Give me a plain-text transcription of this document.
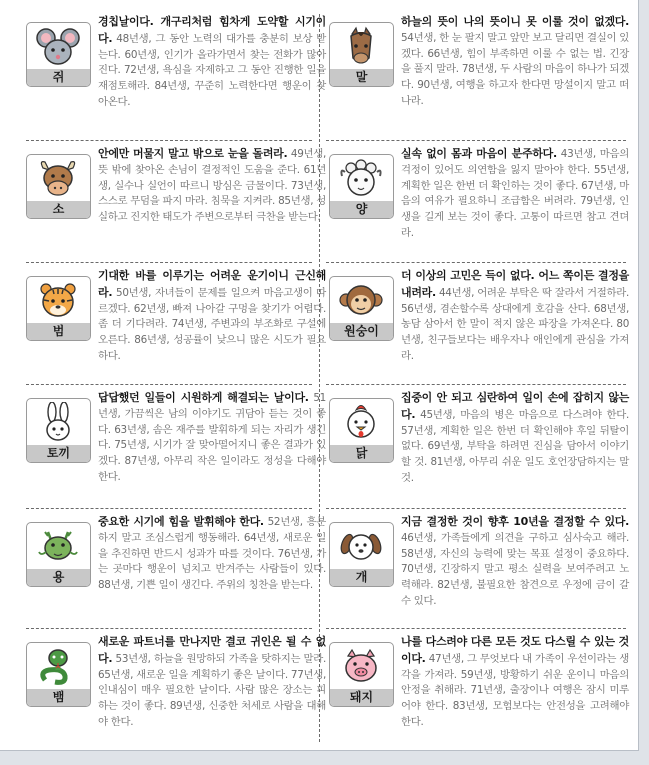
쥐
경칩날이다. 개구리처럼 힘차게 도약할 시기이다. 48년생, 그 동안 노력의 대가를 충분히 보상 받는다. 60년생, 인기가 올라가면서 찾는 전화가 많아진다. 72년생, 욕심을 자제하고 그 동안 진행한 일을 재점토해라. 84년생, 꾸준히 노력한다면 행운이 찾아온다.
말
하늘의 뜻이 나의 뜻이니 못 이룰 것이 없겠다. 54년생, 한 눈 팔지 말고 앞만 보고 달리면 결실이 있겠다. 66년생, 힘이 부족하면 이룰 수 없는 법. 긴장을 풀지 말라. 78년생, 두 사람의 마음이 하나가 되겠다. 90년생, 여행을 하고자 한다면 망설이지 말고 떠나라.
소
안에만 머물지 말고 밖으로 눈을 돌려라. 49년생, 뜻 밖에 찾아온 손님이 결정적인 도움을 준다. 61년생, 실수나 실언이 따르니 방심은 금물이다. 73년생, 스스로 무덤을 파지 마라. 침묵을 지켜라. 85년생, 성실하고 진지한 태도가 주변으로부터 극찬을 받는다.
양
실속 없이 몸과 마음이 분주하다. 43년생, 마음의 걱정이 있어도 의연함을 잃지 말아야 한다. 55년생, 계획한 일은 한번 더 확인하는 것이 좋다. 67년생, 마음의 여유가 필요하니 조급함은 버려라. 79년생, 인생을 길게 보는 것이 좋다. 고통이 따르면 참고 견뎌라.
범
기대한 바를 이루기는 어려운 운기이니 근신해라. 50년생, 자녀들이 문제를 일으켜 마음고생이 따르겠다. 62년생, 빠져 나아갈 구멍을 찾기가 어렵다. 좀 더 기다려라. 74년생, 주변과의 부조화로 구설에 오른다. 86년생, 성공률이 낮으니 많은 시도가 필요하다.
원숭이
더 이상의 고민은 득이 없다. 어느 쪽이든 결정을 내려라. 44년생, 어려운 부탁은 딱 잘라서 거절하라. 56년생, 겸손할수록 상대에게 호감을 산다. 68년생, 농담 삼아서 한 말이 적지 않은 파장을 가져온다. 80년생, 친구들보다는 배우자나 애인에게 관심을 가져라.
토끼
답답했던 일들이 시원하게 해결되는 날이다. 51년생, 가끔씩은 남의 이야기도 귀담아 듣는 것이 좋다. 63년생, 솜은 재주를 발휘하게 되는 자리가 생긴다. 75년생, 시기가 잘 맞아떨어지니 좋은 결과가 있겠다. 87년생, 아무리 작은 일이라도 정성을 다해야 한다.
닭
집중이 안 되고 심란하여 일이 손에 잡히지 않는다. 45년생, 마음의 병은 마음으로 다스려야 한다. 57년생, 계획한 일은 한번 더 확인해야 후일 뒤탈이 없다. 69년생, 부탁을 하려면 진심을 담아서 이야기할 것. 81년생, 아무리 쉬운 일도 호언장담하지는 말 것.
용
중요한 시기에 힘을 발휘해야 한다. 52년생, 흥분하지 말고 조심스럽게 행동해라. 64년생, 새로운 일을 추진하면 반드시 성과가 따를 것이다. 76년생, 가는 곳마다 행운이 넘치고 반겨주는 사람들이 있다. 88년생, 기쁜 일이 생긴다. 주위의 칭찬을 받는다.
개
지금 결정한 것이 향후 10년을 결정할 수 있다. 46년생, 가족들에게 의견을 구하고 심사숙고 해라. 58년생, 자신의 능력에 맞는 목표 설정이 중요하다. 70년생, 긴장하지 말고 평소 실력을 보여주려고 노력해라. 82년생, 불필요한 참견으로 우정에 금이 갈 수 있다.
뱀
새로운 파트너를 만나지만 결코 귀인은 될 수 없다. 53년생, 하늘을 원망하되 가족을 탓하지는 말라. 65년생, 새로운 일을 계획하기 좋은 날이다. 77년생, 인내심이 매우 필요한 날이다. 사람 많은 장소는 피하는 것이 좋다. 89년생, 신중한 처세로 사람을 대해야 한다.
돼지
나를 다스려야 다른 모든 것도 다스릴 수 있는 것이다. 47년생, 그 무엇보다 내 가족이 우선이라는 생각을 가져라. 59년생, 방황하기 쉬운 운이니 마음의 안정을 취해라. 71년생, 출장이나 여행은 잠시 미루어야 한다. 83년생, 모험보다는 안전성을 고려해야 한다.
